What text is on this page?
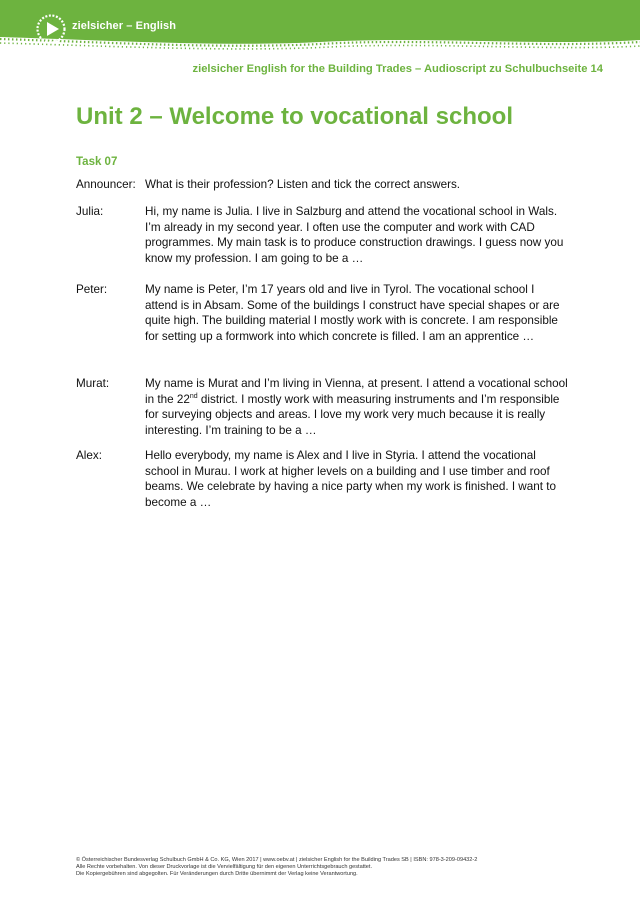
zielsicher – English
zielsicher English for the Building Trades – Audioscript zu Schulbuchseite 14
Unit 2 – Welcome to vocational school
Task 07
Announcer: What is their profession? Listen and tick the correct answers.
Julia:	Hi, my name is Julia. I live in Salzburg and attend the vocational school in Wals. I’m already in my second year. I often use the computer and work with CAD programmes. My main task is to produce construction drawings. I guess now you know my profession. I am going to be a …
Peter:	My name is Peter, I’m 17 years old and live in Tyrol. The vocational school I attend is in Absam. Some of the buildings I construct have special shapes or are quite high. The building material I mostly work with is concrete. I am responsible for setting up a formwork into which concrete is filled. I am an apprentice …
Murat:	My name is Murat and I’m living in Vienna, at present. I attend a vocational school in the 22nd district. I mostly work with measuring instruments and I’m responsible for surveying objects and areas. I love my work very much because it is really interesting. I’m training to be a …
Alex:	Hello everybody, my name is Alex and I live in Styria. I attend the vocational school in Murau. I work at higher levels on a building and I use timber and roof beams. We celebrate by having a nice party when my work is finished. I want to become a …
© Österreichischer Bundesverlag Schulbuch GmbH & Co. KG, Wien 2017 | www.oebv.at | zielsicher English for the Building Trades SB | ISBN: 978-3-209-09432-2
Alle Rechte vorbehalten. Von dieser Druckvorlage ist die Vervielfältigung für den eigenen Unterrichtsgebrauch gestattet.
Die Kopiergebühren sind abgegolten. Für Veränderungen durch Dritte übernimmt der Verlag keine Verantwortung.
